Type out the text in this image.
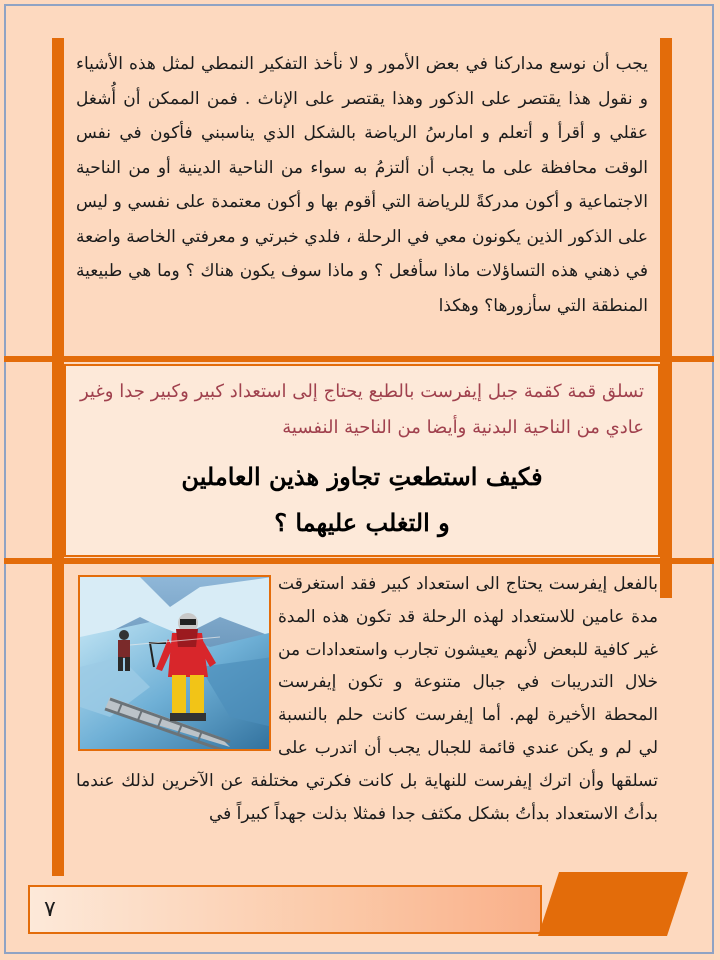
يجب أن نوسع مداركنا في بعض الأمور و لا نأخذ التفكير النمطي لمثل هذه الأشياء و نقول هذا يقتصر على الذكور وهذا يقتصر على الإناث . فمن الممكن أن أُشغل عقلي و أقرأ و أتعلم و امارسُ الرياضة بالشكل الذي يناسبني فأكون في نفس الوقت محافظة على ما يجب أن ألتزمُ به سواء من الناحية الدينية أو من الناحية الاجتماعية و أكون مدركةً للرياضة التي أقوم بها و أكون معتمدة على نفسي و ليس على الذكور الذين يكونون معي في الرحلة ، فلدي خبرتي و معرفتي الخاصة واضعة في ذهني هذه التساؤلات ماذا سأفعل ؟ و ماذا سوف يكون هناك ؟ وما هي طبيعية المنطقة التي سأزورها؟ وهكذا
تسلق قمة كقمة جبل إيفرست بالطبع يحتاج إلى استعداد كبير وكبير جدا وغير عادي من الناحية البدنية وأيضا من الناحية النفسية
فكيف استطعتِ تجاوز هذين العاملين
و التغلب عليهما ؟
بالفعل إيفرست يحتاج الى استعداد كبير فقد استغرقت مدة عامين للاستعداد لهذه الرحلة قد تكون هذه المدة غير كافية للبعض لأنهم يعيشون تجارب واستعدادات من خلال التدريبات في جبال متنوعة و تكون إيفرست المحطة الأخيرة لهم. أما إيفرست كانت حلم بالنسبة لي لم و يكن عندي قائمة للجبال يجب أن اتدرب على تسلقها وأن اترك إيفرست للنهاية بل كانت فكرتي مختلفة عن الآخرين لذلك عندما بدأتُ الاستعداد بدأتُ بشكل مكثف جدا فمثلا بذلت جهداً كبيراً في
٧
